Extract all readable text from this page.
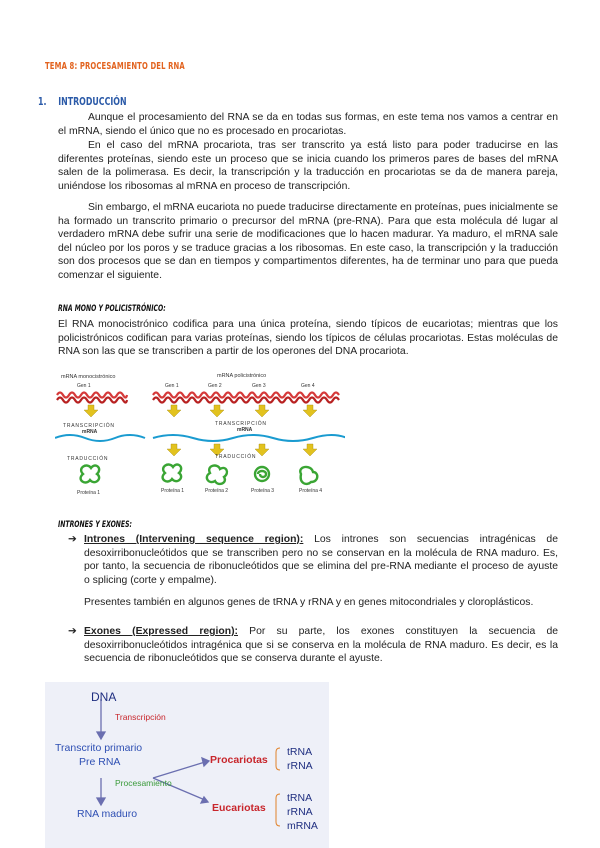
TEMA 8: PROCESAMIENTO DEL RNA
1. INTRODUCCIÓN
Aunque el procesamiento del RNA se da en todas sus formas, en este tema nos vamos a centrar en el mRNA, siendo el único que no es procesado en procariotas.
En el caso del mRNA procariota, tras ser transcrito ya está listo para poder traducirse en las diferentes proteínas, siendo este un proceso que se inicia cuando los primeros pares de bases del mRNA salen de la polimerasa. Es decir, la transcripción y la traducción en procariotas se da de manera pareja, uniéndose los ribosomas al mRNA en proceso de transcripción.
Sin embargo, el mRNA eucariota no puede traducirse directamente en proteínas, pues inicialmente se ha formado un transcrito primario o precursor del mRNA (pre-RNA). Para que esta molécula dé lugar al verdadero mRNA debe sufrir una serie de modificaciones que lo hacen madurar. Ya maduro, el mRNA sale del núcleo por los poros y se traduce gracias a los ribosomas. En este caso, la transcripción y la traducción son dos procesos que se dan en tiempos y compartimentos diferentes, ha de terminar uno para que pueda comenzar el siguiente.
RNA MONO Y POLICISTRÓNICO:
El RNA monocistrónico codifica para una única proteína, siendo típicos de eucariotas; mientras que los policistrónicos codifican para varias proteínas, siendo los típicos de células procariotas. Estas moléculas de RNA son las que se transcriben a partir de los operones del DNA procariota.
mRNA monocistrónico	mRNA policistrónico
Gen 1	Gen 1	Gen 2	Gen 3	Gen 4
TRANSCRIPCIÓN
mRNA
TRANSCRIPCIÓN
mRNA
TRADUCCIÓN	TRADUCCIÓN
Proteína 1	Proteína 1	Proteína 2	Proteína 3	Proteína 4
INTRONES Y EXONES:
➔ Intrones (Intervening sequence region): Los intrones son secuencias intragénicas de desoxirribonucleótidos que se transcriben pero no se conservan en la molécula de RNA maduro. Es, por tanto, la secuencia de ribonucleótidos que se elimina del pre-RNA mediante el proceso de ayuste o splicing (corte y empalme).
Presentes también en algunos genes de tRNA y rRNA y en genes mitocondriales y cloroplásticos.
➔ Exones (Expressed region): Por su parte, los exones constituyen la secuencia de desoxirribonucleótidos intragénica que si se conserva en la molécula de RNA maduro. Es decir, es la secuencia de ribonucleótidos que se conserva durante el ayuste.
DNA
Transcripción
Transcrito primario
Pre RNA
Procesamiento
RNA maduro
Procariotas
Eucariotas
tRNA
rRNA
tRNA
rRNA
mRNA
